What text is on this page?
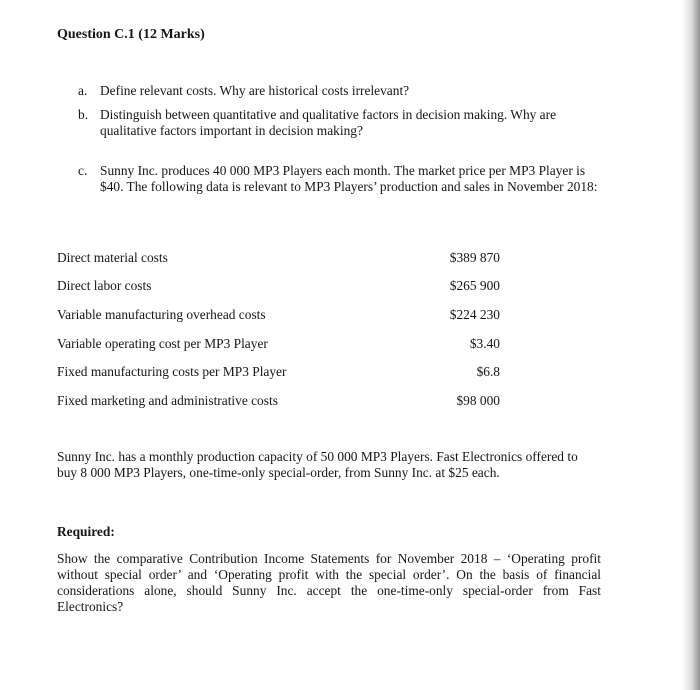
Question C.1 (12 Marks)
a. Define relevant costs. Why are historical costs irrelevant?
b. Distinguish between quantitative and qualitative factors in decision making. Why are qualitative factors important in decision making?
c. Sunny Inc. produces 40 000 MP3 Players each month. The market price per MP3 Player is $40. The following data is relevant to MP3 Players’ production and sales in November 2018:
Direct material costs	$389 870
Direct labor costs	$265 900
Variable manufacturing overhead costs	$224 230
Variable operating cost per MP3 Player	$3.40
Fixed manufacturing costs per MP3 Player	$6.8
Fixed marketing and administrative costs	$98 000
Sunny Inc. has a monthly production capacity of 50 000 MP3 Players. Fast Electronics offered to buy 8 000 MP3 Players, one-time-only special-order, from Sunny Inc. at $25 each.
Required:
Show the comparative Contribution Income Statements for November 2018 – ‘Operating profit without special order’ and ‘Operating profit with the special order’. On the basis of financial considerations alone, should Sunny Inc. accept the one-time-only special-order from Fast Electronics?
